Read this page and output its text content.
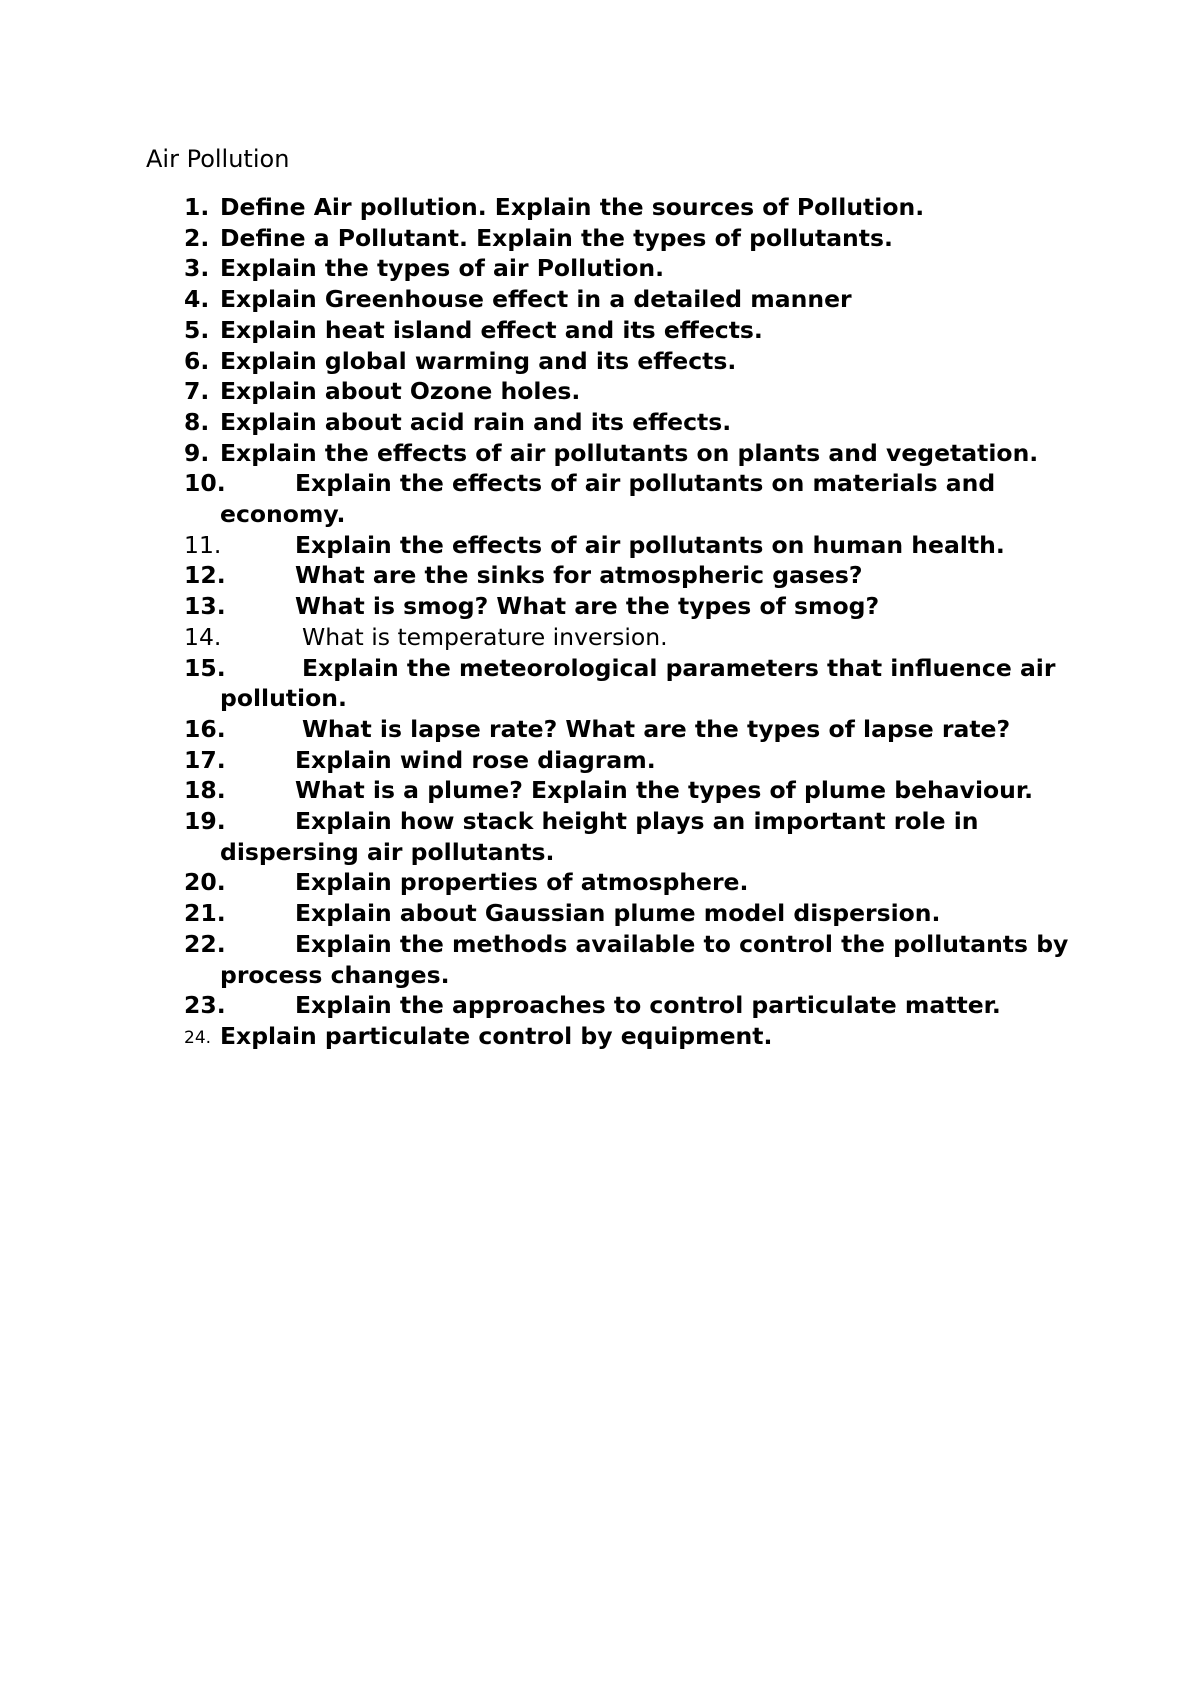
Air Pollution
1. Define Air pollution. Explain the sources of Pollution.
2. Define a Pollutant. Explain the types of pollutants.
3. Explain the types of air Pollution.
4. Explain Greenhouse effect in a detailed manner
5. Explain heat island effect and its effects.
6. Explain global warming and its effects.
7. Explain about Ozone holes.
8. Explain about acid rain and its effects.
9. Explain the effects of air pollutants on plants and vegetation.
10.	Explain the effects of air pollutants on materials and economy.
11.	Explain the effects of air pollutants on human health.
12.	What are the sinks for atmospheric gases?
13.	What is smog? What are the types of smog?
14.	What is temperature inversion.
15.	Explain the meteorological parameters that influence air pollution.
16.	What is lapse rate? What are the types of lapse rate?
17.	Explain wind rose diagram.
18.	What is a plume? Explain the types of plume behaviour.
19.	Explain how stack height plays an important role in dispersing air pollutants.
20.	Explain properties of atmosphere.
21.	Explain about Gaussian plume model dispersion.
22.	Explain the methods available to control the pollutants by process changes.
23.	Explain the approaches to control particulate matter.
24. Explain particulate control by equipment.
